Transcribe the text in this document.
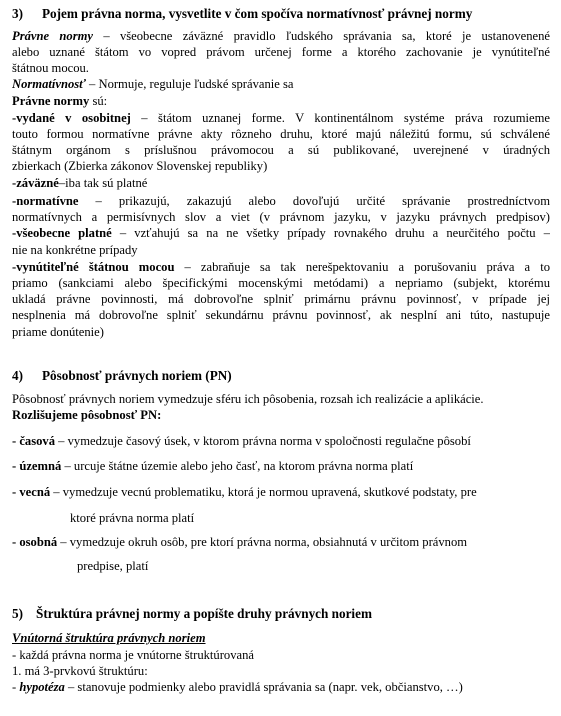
3) Pojem právna norma, vysvetlite v čom spočíva normatívnosť právnej normy
Právne normy – všeobecne záväzné pravidlo ľudského správania sa, ktoré je ustanovenené
alebo uznané štátom vo vopred právom určenej forme a ktorého zachovanie je vynútiteľné
štátnou mocou.
Normatívnosť – Normuje, reguluje ľudské správanie sa
Právne normy sú:
-vydané v osobitnej – štátom uznanej forme. V kontinentálnom systéme práva rozumieme
touto formou normatívne právne akty rôzneho druhu, ktoré majú náležitú formu, sú schválené
štátnym orgánom s príslušnou právomocou a sú publikované, uverejnené v úradných
zbierkach (Zbierka zákonov Slovenskej republiky)
-záväzné–iba tak sú platné
-normatívne – prikazujú, zakazujú alebo dovoľujú určité správanie prostredníctvom
normatívnych a permisívnych slov a viet (v právnom jazyku, v jazyku právnych predpisov)
-všeobecne platné – vzťahujú sa na ne všetky prípady rovnakého druhu a neurčitého počtu –
nie na konkrétne prípady
-vynútiteľné štátnou mocou – zabraňuje sa tak nerešpektovaniu a porušovaniu práva a to
priamo (sankciami alebo špecifickými mocenskými metódami) a nepriamo (subjekt, ktorému
ukladá právne povinnosti, má dobrovoľne splniť primárnu právnu povinnosť, v prípade jej
nesplnenia má dobrovoľne splniť sekundárnu právnu povinnosť, ak nesplní ani túto, nastupuje
priame donútenie)
4) Pôsobnosť právnych noriem (PN)
Pôsobnosť právnych noriem vymedzuje sféru ich pôsobenia, rozsah ich realizácie a aplikácie.
Rozlišujeme pôsobnosť PN:
- časová – vymedzuje časový úsek, v ktorom právna norma v spoločnosti regulačne pôsobí
- územná – urcuje štátne územie alebo jeho časť, na ktorom právna norma platí
- vecná – vymedzuje vecnú problematiku, ktorá je normou upravená, skutkové podstaty, pre
ktoré právna norma platí
- osobná – vymedzuje okruh osôb, pre ktorí právna norma, obsiahnutá v určitom právnom
predpise, platí
5) Štruktúra právnej normy a popíšte druhy právnych noriem
Vnútorná štruktúra právnych noriem
- každá právna norma je vnútorne štruktúrovaná
1. má 3-prvkovú štruktúru:
- hypotéza – stanovuje podmienky alebo pravidlá správania sa (napr. vek, občianstvo, …)
